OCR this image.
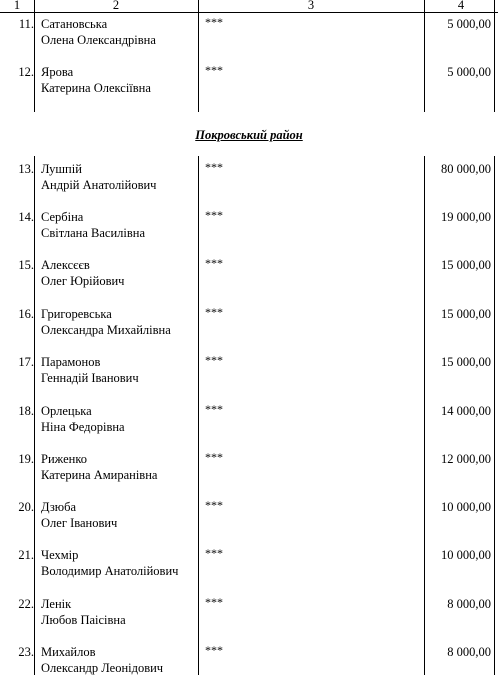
1	2	3	4
11. Сатановська
Олена Олександрівна
***	5 000,00
12. Ярова
Катерина Олексіївна
***	5 000,00
Покровський район
13. Лушпій
Андрій Анатолійович
***	80 000,00
14. Сербіна
Світлана Василівна
***	19 000,00
15. Алексєєв
Олег Юрійович
***	15 000,00
16. Григоревська
Олександра Михайлівна
***	15 000,00
17. Парамонов
Геннадій Іванович
***	15 000,00
18. Орлецька
Ніна Федорівна
***	14 000,00
19. Риженко
Катерина Амиранівна
***	12 000,00
20. Дзюба
Олег Іванович
***	10 000,00
21. Чехмір
Володимир Анатолійович
***	10 000,00
22. Ленік
Любов Паісівна
***	8 000,00
23. Михайлов
Олександр Леонідович
***	8 000,00
